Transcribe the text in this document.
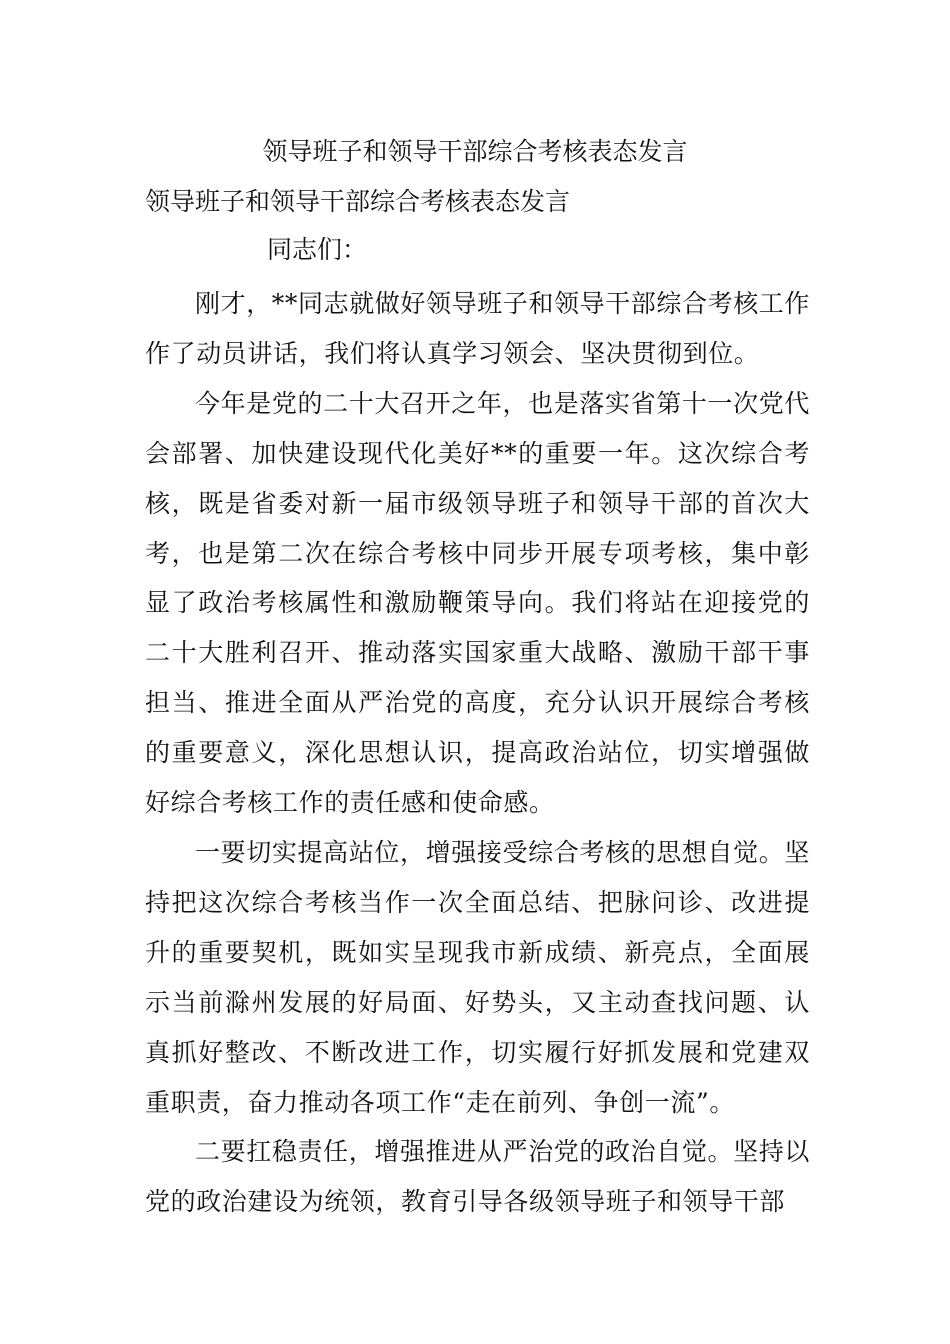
领导班子和领导干部综合考核表态发言
领导班子和领导干部综合考核表态发言

同志们：

刚才，**同志就做好领导班子和领导干部综合考核工作作了动员讲话，我们将认真学习领会、坚决贯彻到位。

今年是党的二十大召开之年，也是落实省第十一次党代会部署、加快建设现代化美好**的重要一年。这次综合考核，既是省委对新一届市级领导班子和领导干部的首次大考，也是第二次在综合考核中同步开展专项考核，集中彰显了政治考核属性和激励鞭策导向。我们将站在迎接党的二十大胜利召开、推动落实国家重大战略、激励干部干事担当、推进全面从严治党的高度，充分认识开展综合考核的重要意义，深化思想认识，提高政治站位，切实增强做好综合考核工作的责任感和使命感。

一要切实提高站位，增强接受综合考核的思想自觉。坚持把这次综合考核当作一次全面总结、把脉问诊、改进提升的重要契机，既如实呈现我市新成绩、新亮点，全面展示当前滁州发展的好局面、好势头，又主动查找问题、认真抓好整改、不断改进工作，切实履行好抓发展和党建双重职责，奋力推动各项工作“走在前列、争创一流”。

二要扛稳责任，增强推进从严治党的政治自觉。坚持以党的政治建设为统领，教育引导各级领导班子和领导干部
